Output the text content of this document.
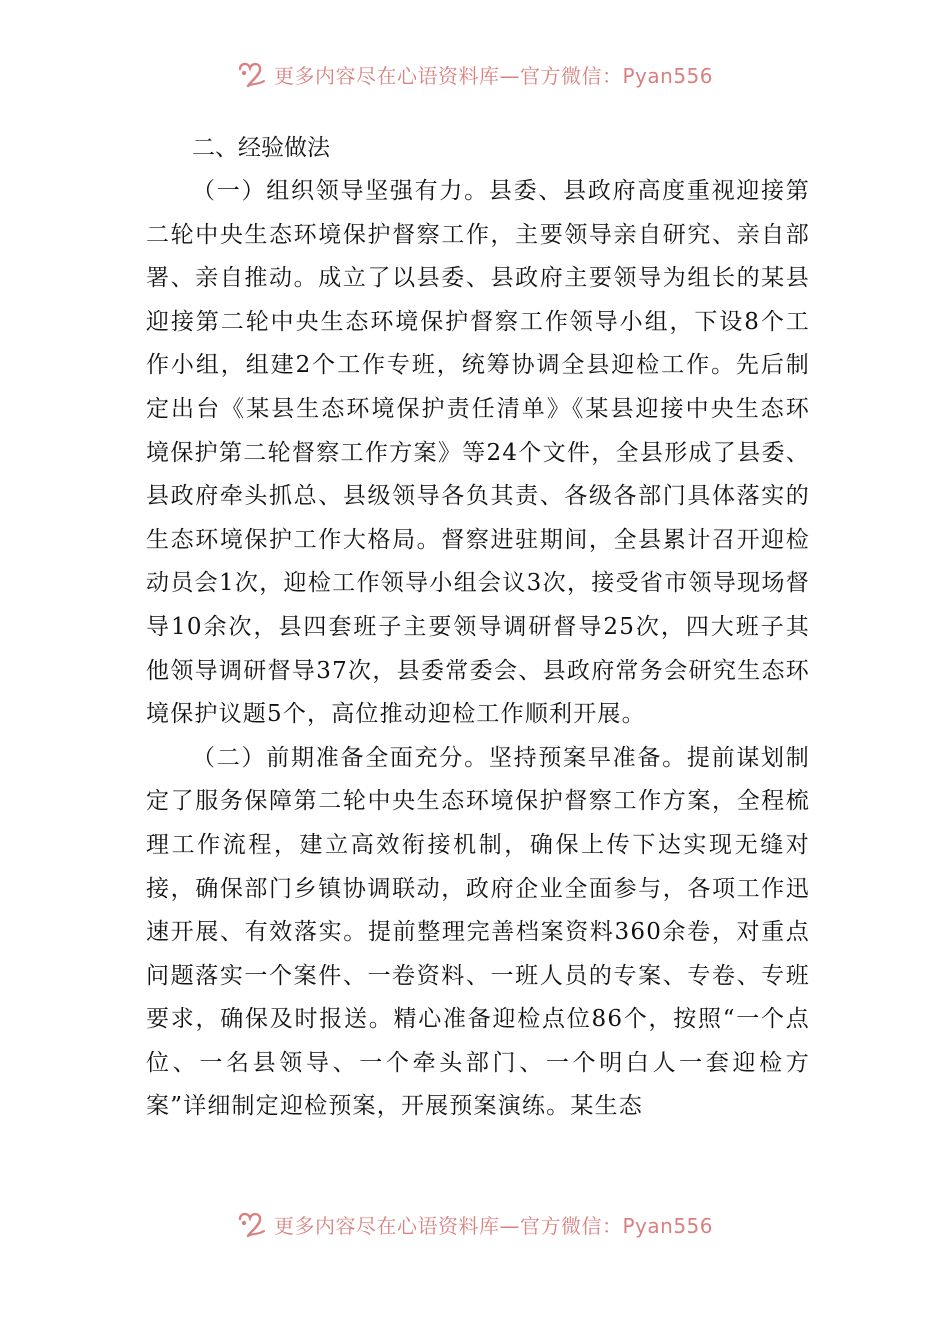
更多内容尽在心语资料库—官方微信：Pyan556

二、经验做法

（一）组织领导坚强有力。县委、县政府高度重视迎接第二轮中央生态环境保护督察工作，主要领导亲自研究、亲自部署、亲自推动。成立了以县委、县政府主要领导为组长的某县迎接第二轮中央生态环境保护督察工作领导小组，下设8个工作小组，组建2个工作专班，统筹协调全县迎检工作。先后制定出台《某县生态环境保护责任清单》《某县迎接中央生态环境保护第二轮督察工作方案》等24个文件，全县形成了县委、县政府牵头抓总、县级领导各负其责、各级各部门具体落实的生态环境保护工作大格局。督察进驻期间，全县累计召开迎检动员会1次，迎检工作领导小组会议3次，接受省市领导现场督导10余次，县四套班子主要领导调研督导25次，四大班子其他领导调研督导37次，县委常委会、县政府常务会研究生态环境保护议题5个，高位推动迎检工作顺利开展。

（二）前期准备全面充分。坚持预案早准备。提前谋划制定了服务保障第二轮中央生态环境保护督察工作方案，全程梳理工作流程，建立高效衔接机制，确保上传下达实现无缝对接，确保部门乡镇协调联动，政府企业全面参与，各项工作迅速开展、有效落实。提前整理完善档案资料360余卷，对重点问题落实一个案件、一卷资料、一班人员的专案、专卷、专班要求，确保及时报送。精心准备迎检点位86个，按照“一个点位、一名县领导、一个牵头部门、一个明白人一套迎检方案”详细制定迎检预案，开展预案演练。某生态

更多内容尽在心语资料库—官方微信：Pyan556
